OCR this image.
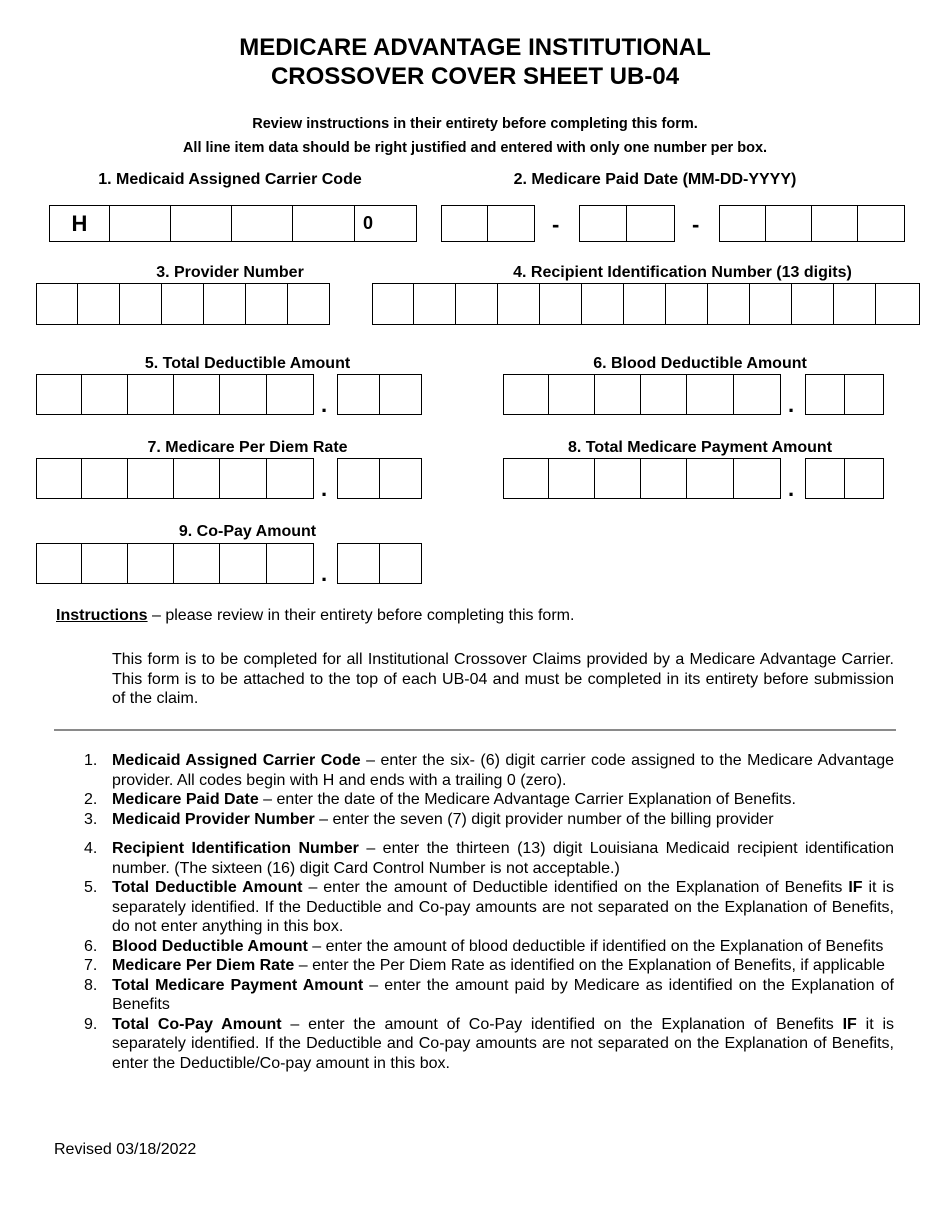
MEDICARE ADVANTAGE INSTITUTIONAL
CROSSOVER COVER SHEET UB-04
Review instructions in their entirety before completing this form.
All line item data should be right justified and entered with only one number per box.
1. Medicaid Assigned Carrier Code
H	0
2. Medicare Paid Date (MM-DD-YYYY)
-	-
3. Provider Number	4. Recipient Identification Number (13 digits)
5. Total Deductible Amount
.
6. Blood Deductible Amount
.
7. Medicare Per Diem Rate
.
8. Total Medicare Payment Amount
.
9. Co-Pay Amount
.
Instructions – please review in their entirety before completing this form.
This form is to be completed for all Institutional Crossover Claims provided by a Medicare Advantage Carrier. This form is to be attached to the top of each UB-04 and must be completed in its entirety before submission of the claim.
1. Medicaid Assigned Carrier Code – enter the six- (6) digit carrier code assigned to the Medicare Advantage provider. All codes begin with H and ends with a trailing 0 (zero).
2. Medicare Paid Date – enter the date of the Medicare Advantage Carrier Explanation of Benefits.
3. Medicaid Provider Number – enter the seven (7) digit provider number of the billing provider
4. Recipient Identification Number – enter the thirteen (13) digit Louisiana Medicaid recipient identification number. (The sixteen (16) digit Card Control Number is not acceptable.)
5. Total Deductible Amount – enter the amount of Deductible identified on the Explanation of Benefits IF it is separately identified. If the Deductible and Co-pay amounts are not separated on the Explanation of Benefits, do not enter anything in this box.
6. Blood Deductible Amount – enter the amount of blood deductible if identified on the Explanation of Benefits
7. Medicare Per Diem Rate – enter the Per Diem Rate as identified on the Explanation of Benefits, if applicable
8. Total Medicare Payment Amount – enter the amount paid by Medicare as identified on the Explanation of Benefits
9. Total Co-Pay Amount – enter the amount of Co-Pay identified on the Explanation of Benefits IF it is separately identified. If the Deductible and Co-pay amounts are not separated on the Explanation of Benefits, enter the Deductible/Co-pay amount in this box.
Revised 03/18/2022
